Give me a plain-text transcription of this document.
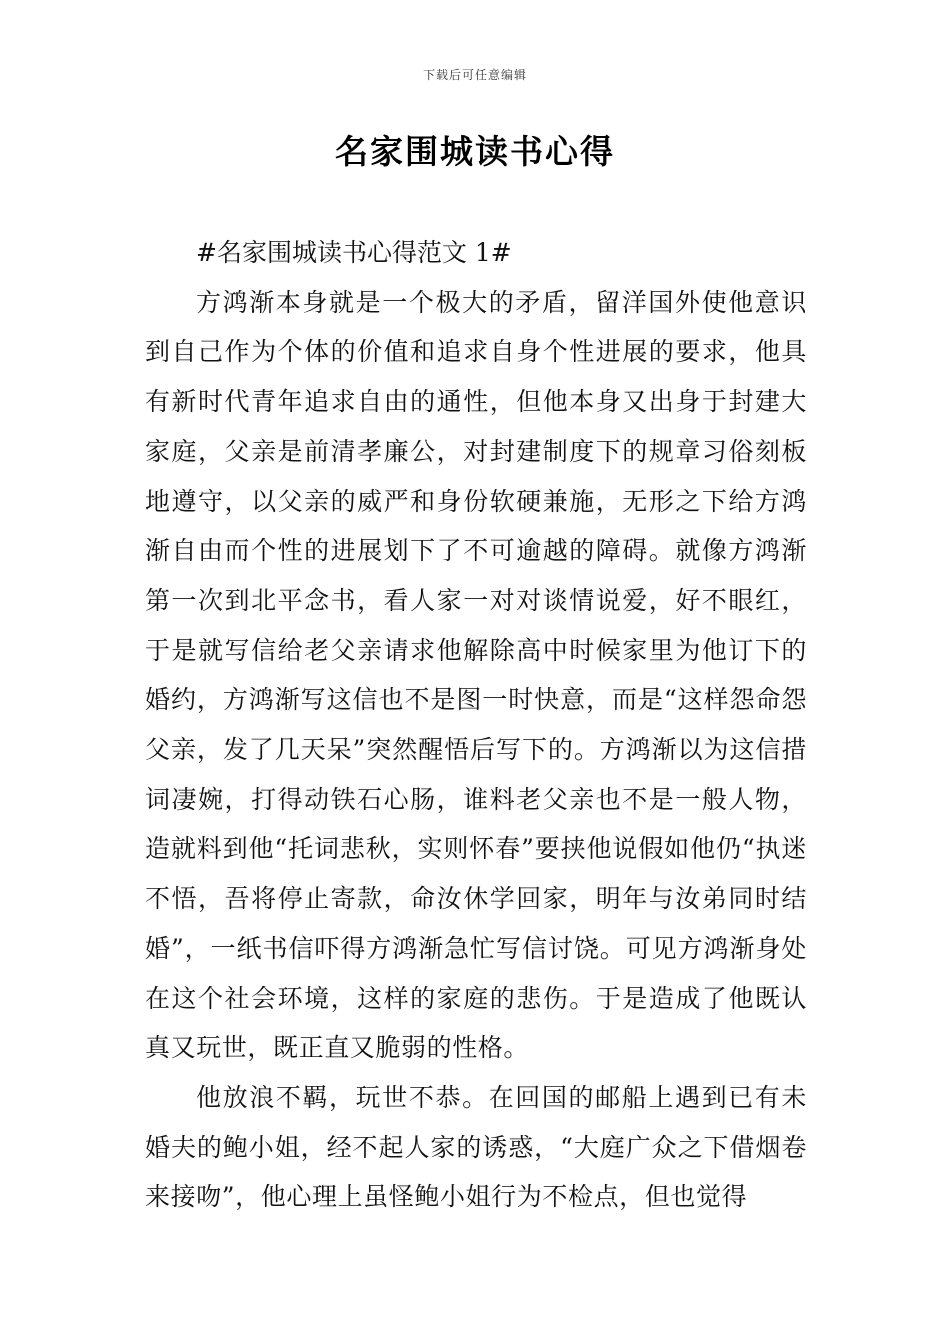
下载后可任意编辑
名家围城读书心得

#名家围城读书心得范文 1#

方鸿渐本身就是一个极大的矛盾，留洋国外使他意识到自己作为个体的价值和追求自身个性进展的要求，他具有新时代青年追求自由的通性，但他本身又出身于封建大家庭，父亲是前清孝廉公，对封建制度下的规章习俗刻板地遵守，以父亲的威严和身份软硬兼施，无形之下给方鸿渐自由而个性的进展划下了不可逾越的障碍。就像方鸿渐第一次到北平念书，看人家一对对谈情说爱，好不眼红，于是就写信给老父亲请求他解除高中时候家里为他订下的婚约，方鸿渐写这信也不是图一时快意，而是“这样怨命怨父亲，发了几天呆”突然醒悟后写下的。方鸿渐以为这信措词凄婉，打得动铁石心肠，谁料老父亲也不是一般人物，造就料到他“托词悲秋，实则怀春”要挟他说假如他仍“执迷不悟，吾将停止寄款，命汝休学回家，明年与汝弟同时结婚”，一纸书信吓得方鸿渐急忙写信讨饶。可见方鸿渐身处在这个社会环境，这样的家庭的悲伤。于是造成了他既认真又玩世，既正直又脆弱的性格。

他放浪不羁，玩世不恭。在回国的邮船上遇到已有未婚夫的鲍小姐，经不起人家的诱惑，“大庭广众之下借烟卷来接吻”，他心理上虽怪鲍小姐行为不检点，但也觉得
